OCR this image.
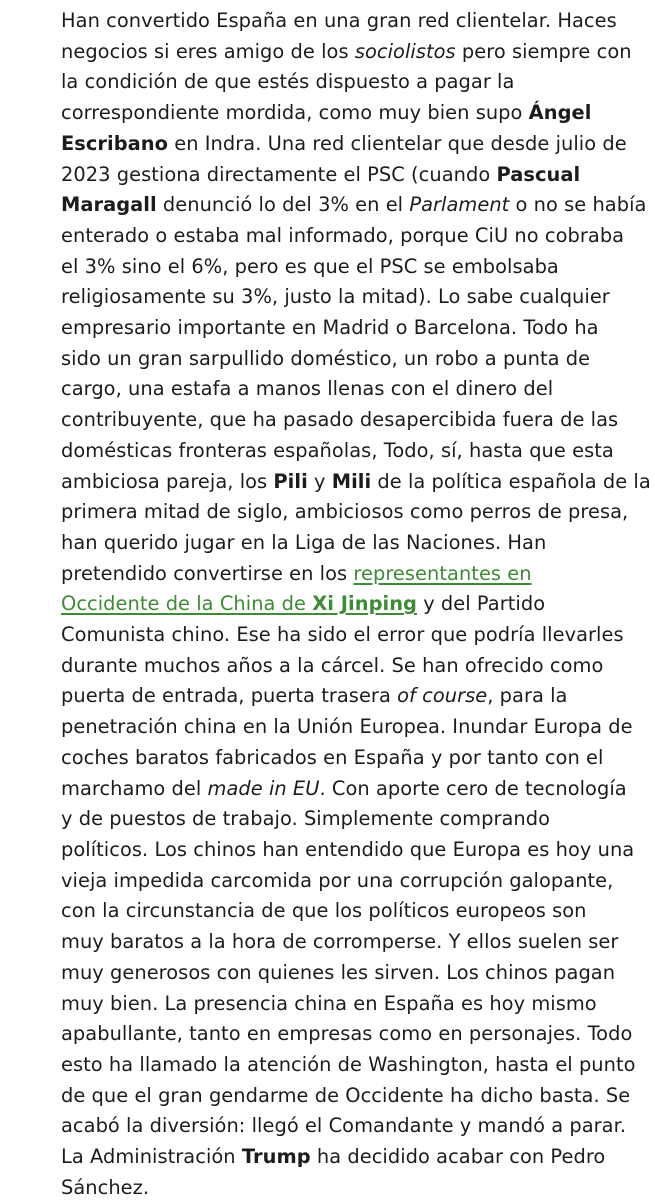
Han convertido España en una gran red clientelar. Haces
negocios si eres amigo de los sociolistos pero siempre con
la condición de que estés dispuesto a pagar la
correspondiente mordida, como muy bien supo Ángel
Escribano en Indra. Una red clientelar que desde julio de
2023 gestiona directamente el PSC (cuando Pascual
Maragall denunció lo del 3% en el Parlament o no se había
enterado o estaba mal informado, porque CiU no cobraba
el 3% sino el 6%, pero es que el PSC se embolsaba
religiosamente su 3%, justo la mitad). Lo sabe cualquier
empresario importante en Madrid o Barcelona. Todo ha
sido un gran sarpullido doméstico, un robo a punta de
cargo, una estafa a manos llenas con el dinero del
contribuyente, que ha pasado desapercibida fuera de las
domésticas fronteras españolas, Todo, sí, hasta que esta
ambiciosa pareja, los Pili y Mili de la política española de la
primera mitad de siglo, ambiciosos como perros de presa,
han querido jugar en la Liga de las Naciones. Han
pretendido convertirse en los representantes en
Occidente de la China de Xi Jinping y del Partido
Comunista chino. Ese ha sido el error que podría llevarles
durante muchos años a la cárcel. Se han ofrecido como
puerta de entrada, puerta trasera of course, para la
penetración china en la Unión Europea. Inundar Europa de
coches baratos fabricados en España y por tanto con el
marchamo del made in EU. Con aporte cero de tecnología
y de puestos de trabajo. Simplemente comprando
políticos. Los chinos han entendido que Europa es hoy una
vieja impedida carcomida por una corrupción galopante,
con la circunstancia de que los políticos europeos son
muy baratos a la hora de corromperse. Y ellos suelen ser
muy generosos con quienes les sirven. Los chinos pagan
muy bien. La presencia china en España es hoy mismo
apabullante, tanto en empresas como en personajes. Todo
esto ha llamado la atención de Washington, hasta el punto
de que el gran gendarme de Occidente ha dicho basta. Se
acabó la diversión: llegó el Comandante y mandó a parar.
La Administración Trump ha decidido acabar con Pedro
Sánchez.
